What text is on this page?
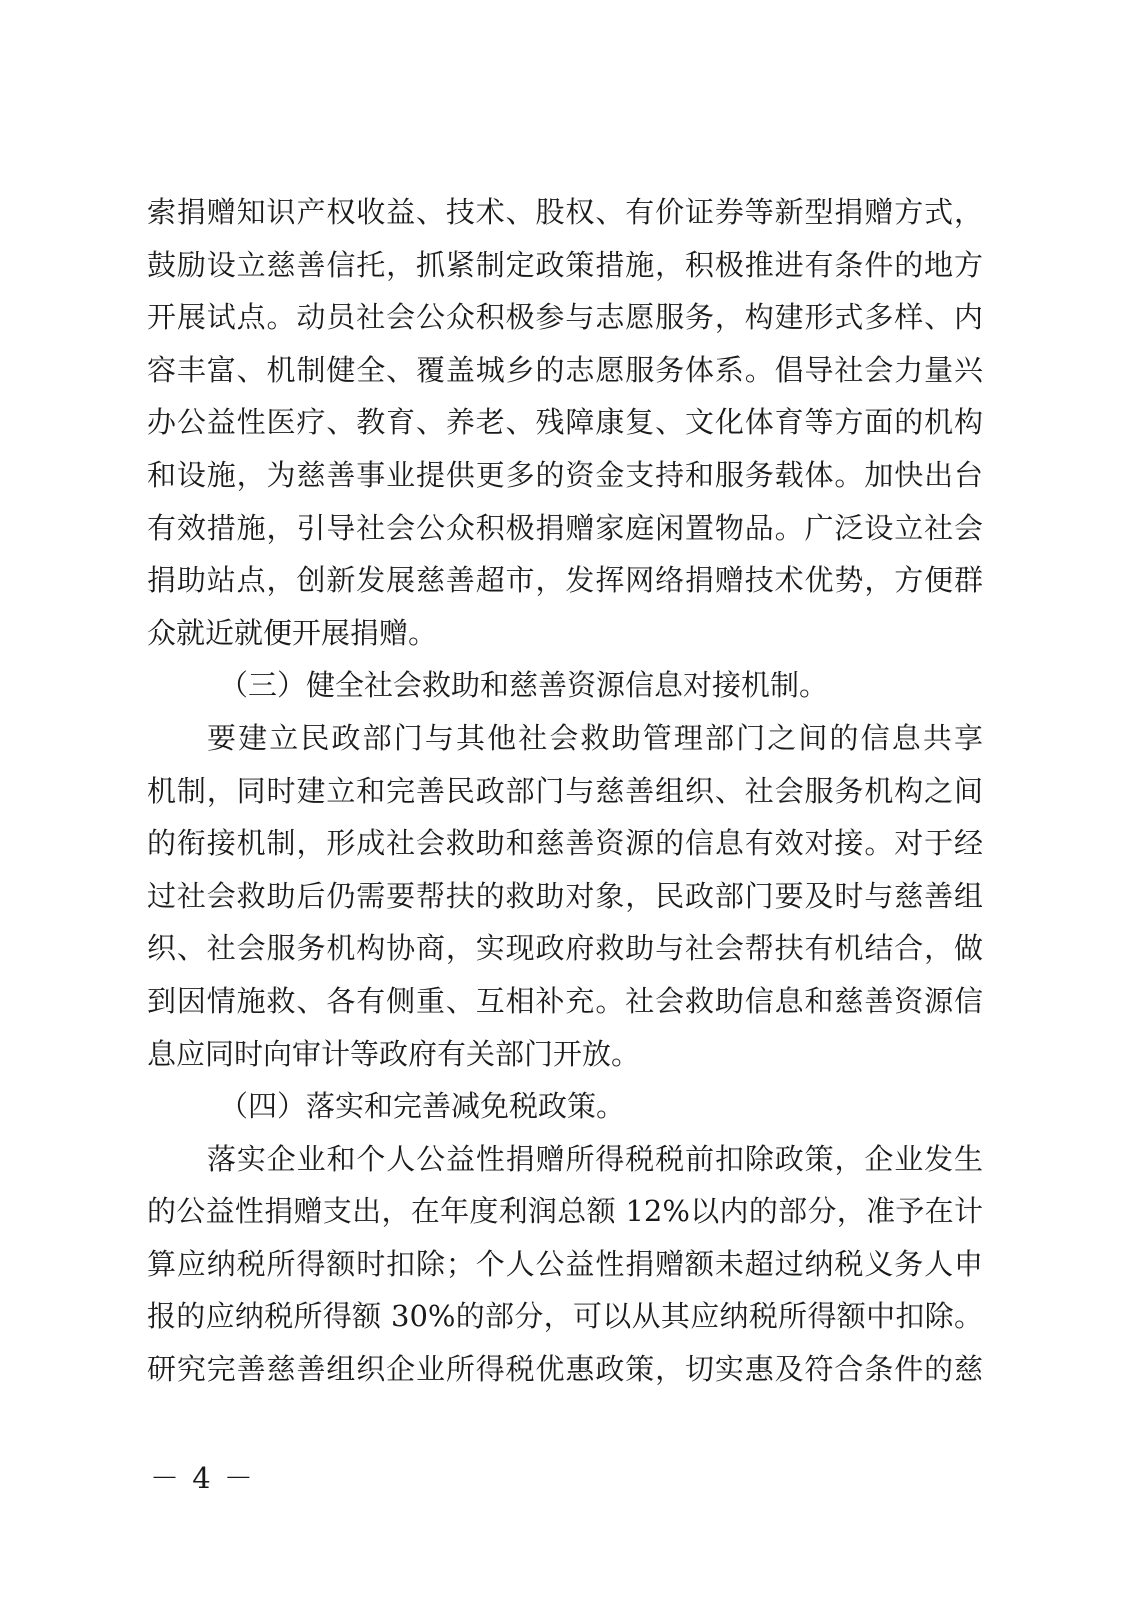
索捐赠知识产权收益、技术、股权、有价证券等新型捐赠方式，
鼓励设立慈善信托，抓紧制定政策措施，积极推进有条件的地方
开展试点。动员社会公众积极参与志愿服务，构建形式多样、内
容丰富、机制健全、覆盖城乡的志愿服务体系。倡导社会力量兴
办公益性医疗、教育、养老、残障康复、文化体育等方面的机构
和设施，为慈善事业提供更多的资金支持和服务载体。加快出台
有效措施，引导社会公众积极捐赠家庭闲置物品。广泛设立社会
捐助站点，创新发展慈善超市，发挥网络捐赠技术优势，方便群
众就近就便开展捐赠。
（三）健全社会救助和慈善资源信息对接机制。
要建立民政部门与其他社会救助管理部门之间的信息共享
机制，同时建立和完善民政部门与慈善组织、社会服务机构之间
的衔接机制，形成社会救助和慈善资源的信息有效对接。对于经
过社会救助后仍需要帮扶的救助对象，民政部门要及时与慈善组
织、社会服务机构协商，实现政府救助与社会帮扶有机结合，做
到因情施救、各有侧重、互相补充。社会救助信息和慈善资源信
息应同时向审计等政府有关部门开放。
（四）落实和完善减免税政策。
落实企业和个人公益性捐赠所得税税前扣除政策，企业发生
的公益性捐赠支出，在年度利润总额 12%以内的部分，准予在计
算应纳税所得额时扣除；个人公益性捐赠额未超过纳税义务人申
报的应纳税所得额 30%的部分，可以从其应纳税所得额中扣除。
研究完善慈善组织企业所得税优惠政策，切实惠及符合条件的慈
－ 4 －
